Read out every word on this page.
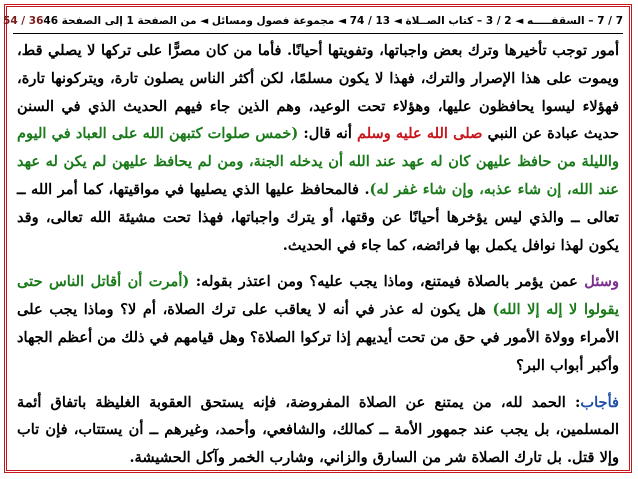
7 / 7 – السقفـــــه ◄ 2 / 3 – كتاب الصــلاة ◄ 13 / 74 ◄ مجموعة فصول ومسائل ◄ من الصفحة 1 إلى الصفحة 46
54 / 36

أمور توجب تأخيرها وترك بعض واجباتها، وتفويتها أحيانًا. فأما من كان مصرًّا على تركها لا يصلي قط، ويموت على هذا الإصرار والترك، فهذا لا يكون مسلمًا، لكن أكثر الناس يصلون تارة، ويتركونها تارة، فهؤلاء ليسوا يحافظون عليها، وهؤلاء تحت الوعيد، وهم الذين جاء فيهم الحديث الذي في السنن حديث عبادة عن النبي صلى الله عليه وسلم أنه قال: (خمس صلوات كتبهن الله على العباد في اليوم والليلة من حافظ عليهن كان له عهد عند الله أن يدخله الجنة، ومن لم يحافظ عليهن لم يكن له عهد عند الله، إن شاء عذبه، وإن شاء غفر له). فالمحافظ عليها الذي يصليها في مواقيتها، كما أمر الله ــ تعالى ــ والذي ليس يؤخرها أحيانًا عن وقتها، أو يترك واجباتها، فهذا تحت مشيئة الله تعالى، وقد يكون لهذا نوافل يكمل بها فرائضه، كما جاء في الحديث.

وسئل عمن يؤمر بالصلاة فيمتنع، وماذا يجب عليه؟ ومن اعتذر بقوله: (أمرت أن أقاتل الناس حتى يقولوا لا إله إلا الله) هل يكون له عذر في أنه لا يعاقب على ترك الصلاة، أم لا؟ وماذا يجب على الأمراء وولاة الأمور في حق من تحت أيديهم إذا تركوا الصلاة؟ وهل قيامهم في ذلك من أعظم الجهاد وأكبر أبواب البر؟

فأجاب: الحمد لله، من يمتنع عن الصلاة المفروضة، فإنه يستحق العقوبة الغليظة باتفاق أئمة المسلمين، بل يجب عند جمهور الأمة ــ كمالك، والشافعي، وأحمد، وغيرهم ــ أن يستتاب، فإن تاب وإلا قتل. بل تارك الصلاة شر من السارق والزاني، وشارب الخمر وآكل الحشيشة.
